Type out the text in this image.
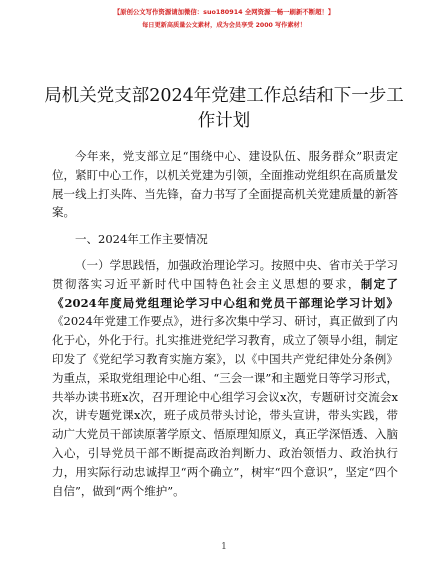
【原创公文写作资源请加微信：suo180914 全网资源一畅一刷新不断超！】
每日更新高质量公文素材，成为会员享受 2000 写作素材！
局机关党支部2024年党建工作总结和下一步工作计划

今年来，党支部立足“围绕中心、建设队伍、服务群众”职责定位，紧盯中心工作，以机关党建为引领，全面推动党组织在高质量发展一线上打头阵、当先锋，奋力书写了全面提高机关党建质量的新答案。

一、2024年工作主要情况

（一）学思践悟，加强政治理论学习。按照中央、省市关于学习贯彻落实习近平新时代中国特色社会主义思想的要求，制定了《2024年度局党组理论学习中心组和党员干部理论学习计划》《2024年党建工作要点》，进行多次集中学习、研讨，真正做到了内化于心，外化于行。扎实推进党纪学习教育，成立了领导小组，制定印发了《党纪学习教育实施方案》，以《中国共产党纪律处分条例》为重点，采取党组理论中心组、“三会一课”和主题党日等学习形式，共举办读书班x次，召开理论中心组学习会议x次，专题研讨交流会x次，讲专题党课x次，班子成员带头讨论，带头宣讲，带头实践，带动广大党员干部读原著学原文、悟原理知原义，真正学深悟透、入脑入心，引导党员干部不断提高政治判断力、政治领悟力、政治执行力，用实际行动忠诚捍卫“两个确立”，树牢“四个意识”，坚定“四个自信”，做到“两个维护”。

1
